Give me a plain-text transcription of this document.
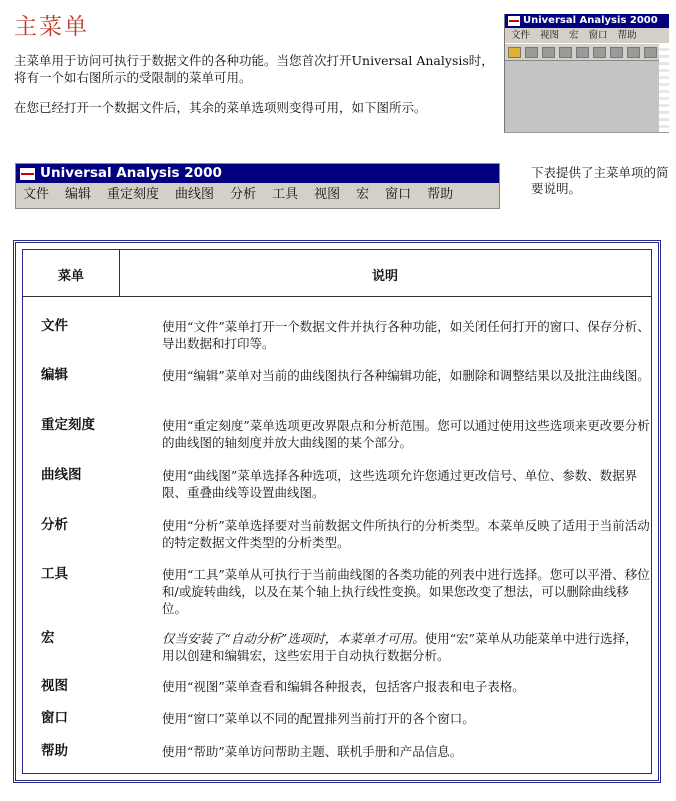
主菜单

主菜单用于访问可执行于数据文件的各种功能。当您首次打开Universal Analysis时，将有一个如右图所示的受限制的菜单可用。

在您已经打开一个数据文件后，其余的菜单选项则变得可用，如下图所示。

Universal Analysis 2000
文件 视图 宏 窗口 帮助
Universal Analysis 2000
文件 编辑 重定刻度 曲线图 分析 工具 视图 宏 窗口 帮助
下表提供了主菜单项的简要说明。
菜单	说明
文件	使用“文件”菜单打开一个数据文件并执行各种功能，如关闭任何打开的窗口、保存分析、导出数据和打印等。
编辑	使用“编辑”菜单对当前的曲线图执行各种编辑功能，如删除和调整结果以及批注曲线图。
重定刻度	使用“重定刻度”菜单选项更改界限点和分析范围。您可以通过使用这些选项来更改要分析的曲线图的轴刻度并放大曲线图的某个部分。
曲线图	使用“曲线图”菜单选择各种选项，这些选项允许您通过更改信号、单位、参数、数据界限、重叠曲线等设置曲线图。
分析	使用“分析”菜单选择要对当前数据文件所执行的分析类型。本菜单反映了适用于当前活动的特定数据文件类型的分析类型。
工具	使用“工具”菜单从可执行于当前曲线图的各类功能的列表中进行选择。您可以平滑、移位和/或旋转曲线，以及在某个轴上执行线性变换。如果您改变了想法，可以删除曲线移位。
宏	仅当安装了“自动分析”选项时，本菜单才可用。使用“宏”菜单从功能菜单中进行选择，用以创建和编辑宏，这些宏用于自动执行数据分析。
视图	使用“视图”菜单查看和编辑各种报表，包括客户报表和电子表格。
窗口	使用“窗口”菜单以不同的配置排列当前打开的各个窗口。
帮助	使用“帮助”菜单访问帮助主题、联机手册和产品信息。
